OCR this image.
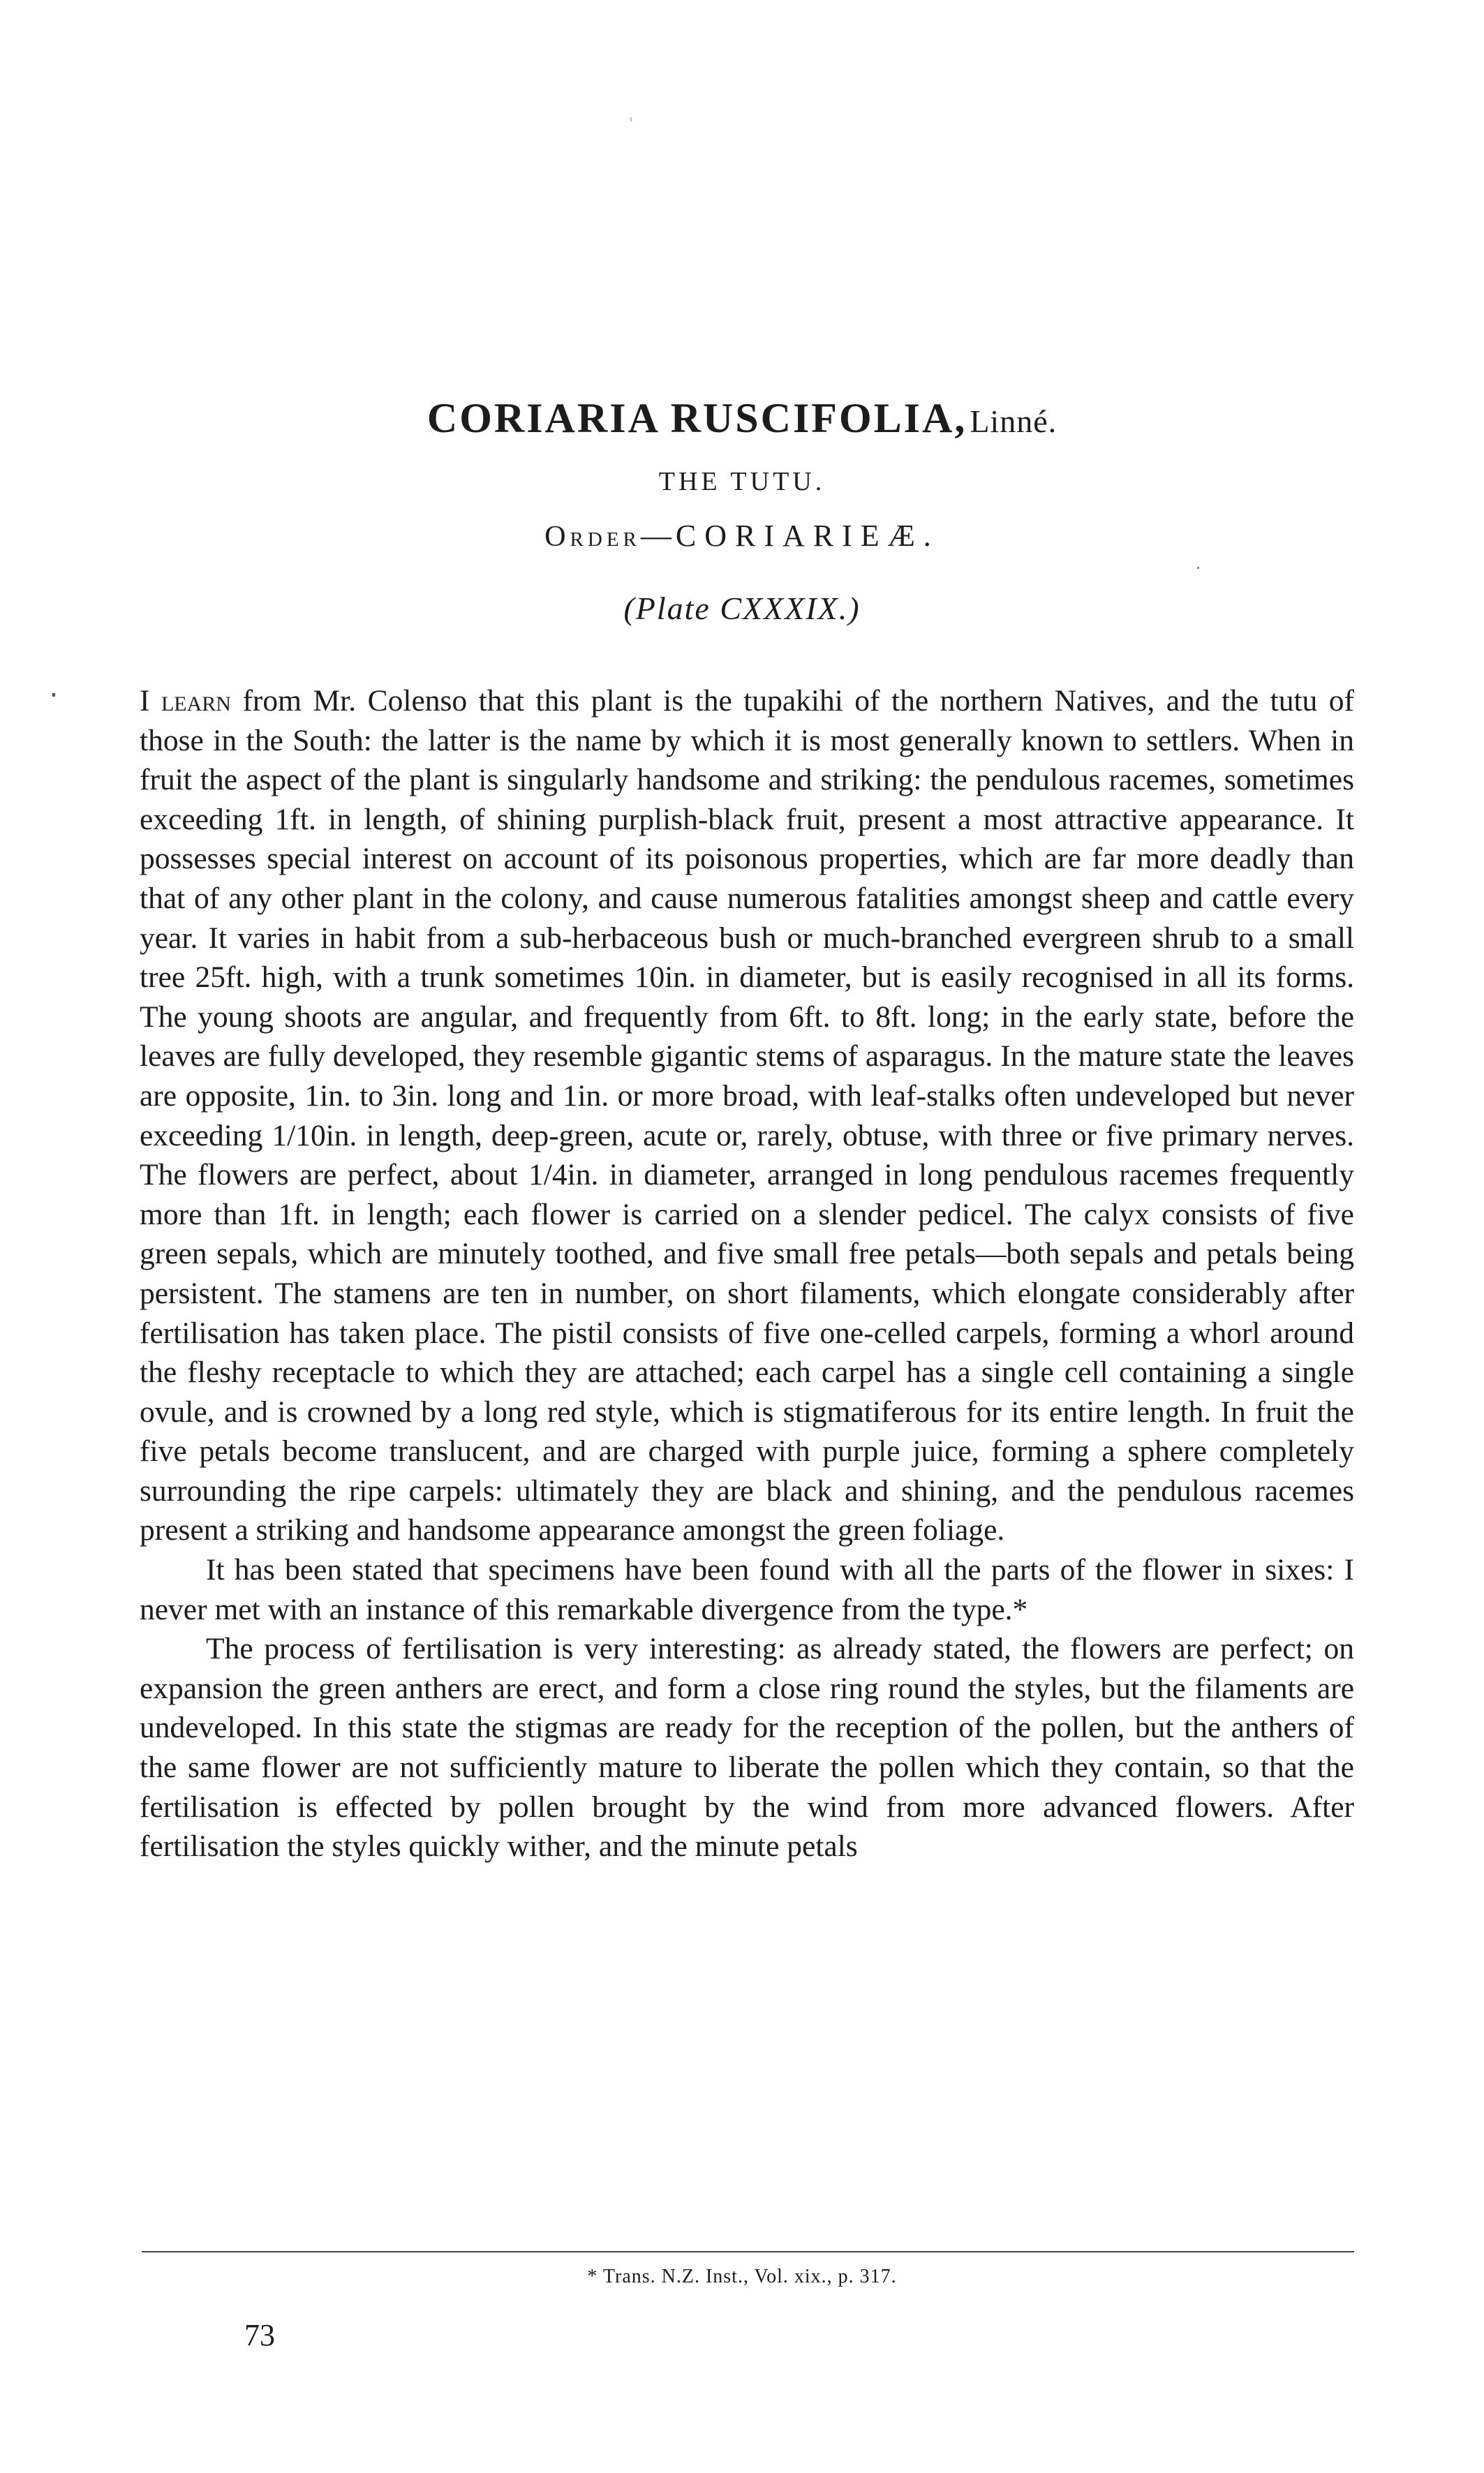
CORIARIA RUSCIFOLIA, Linné.
THE TUTU.
Order—CORIARIEÆ.
(Plate CXXXIX.)

I learn from Mr. Colenso that this plant is the tupakihi of the northern Natives, and the tutu of those in the South: the latter is the name by which it is most generally known to settlers. When in fruit the aspect of the plant is singularly handsome and striking: the pendulous racemes, sometimes exceeding 1ft. in length, of shining purplish-black fruit, present a most attractive appearance. It possesses special interest on account of its poisonous properties, which are far more deadly than that of any other plant in the colony, and cause numerous fatalities amongst sheep and cattle every year. It varies in habit from a sub-herbaceous bush or much-branched evergreen shrub to a small tree 25ft. high, with a trunk sometimes 10in. in diameter, but is easily recognised in all its forms. The young shoots are angular, and frequently from 6ft. to 8ft. long; in the early state, before the leaves are fully developed, they resemble gigantic stems of asparagus. In the mature state the leaves are opposite, 1in. to 3in. long and 1in. or more broad, with leaf-stalks often undeveloped but never exceeding 1/10in. in length, deep-green, acute or, rarely, obtuse, with three or five primary nerves. The flowers are perfect, about 1/4in. in diameter, arranged in long pendulous racemes frequently more than 1ft. in length; each flower is carried on a slender pedicel. The calyx consists of five green sepals, which are minutely toothed, and five small free petals—both sepals and petals being persistent. The stamens are ten in number, on short filaments, which elongate considerably after fertilisation has taken place. The pistil consists of five one-celled carpels, forming a whorl around the fleshy receptacle to which they are attached; each carpel has a single cell containing a single ovule, and is crowned by a long red style, which is stigmatiferous for its entire length. In fruit the five petals become translucent, and are charged with purple juice, forming a sphere completely surrounding the ripe carpels: ultimately they are black and shining, and the pendulous racemes present a striking and handsome appearance amongst the green foliage.

It has been stated that specimens have been found with all the parts of the flower in sixes: I never met with an instance of this remarkable divergence from the type.*

The process of fertilisation is very interesting: as already stated, the flowers are perfect; on expansion the green anthers are erect, and form a close ring round the styles, but the filaments are undeveloped. In this state the stigmas are ready for the reception of the pollen, but the anthers of the same flower are not sufficiently mature to liberate the pollen which they contain, so that the fertilisation is effected by pollen brought by the wind from more advanced flowers. After fertilisation the styles quickly wither, and the minute petals

* Trans. N.Z. Inst., Vol. xix., p. 317.
73
